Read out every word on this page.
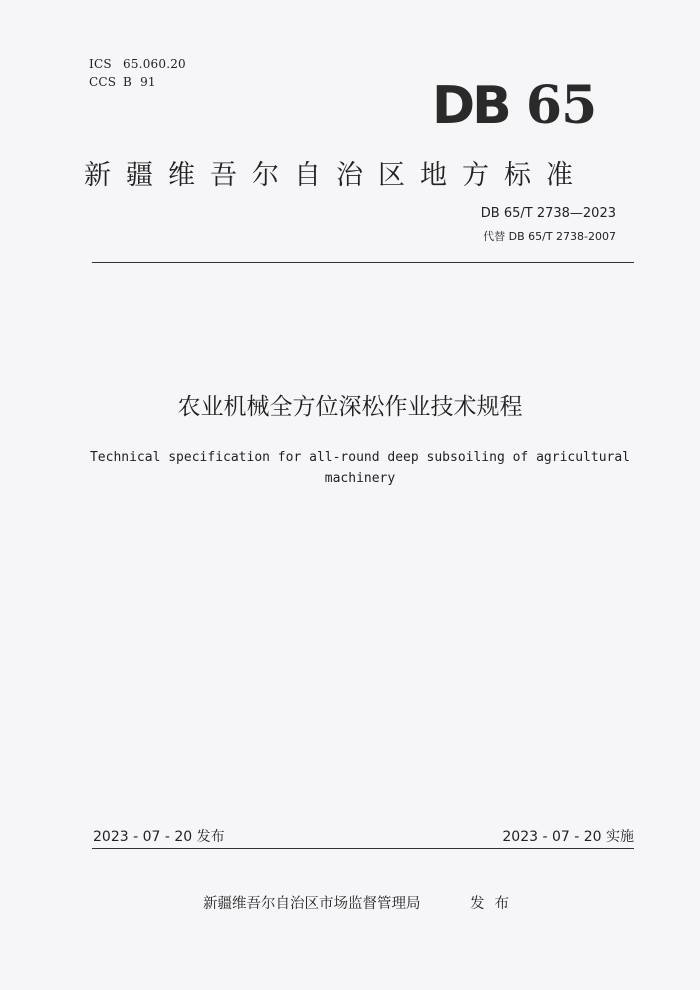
ICS 65.060.20
CCS B  91	DB 65
新疆维吾尔自治区地方标准
DB 65/T 2738—2023
代替 DB 65/T 2738-2007
农业机械全方位深松作业技术规程
Technical specification for all-round deep subsoiling of agricultural
machinery
2023 - 07 - 20 发布	2023 - 07 - 20 实施
新疆维吾尔自治区市场监督管理局	发布
